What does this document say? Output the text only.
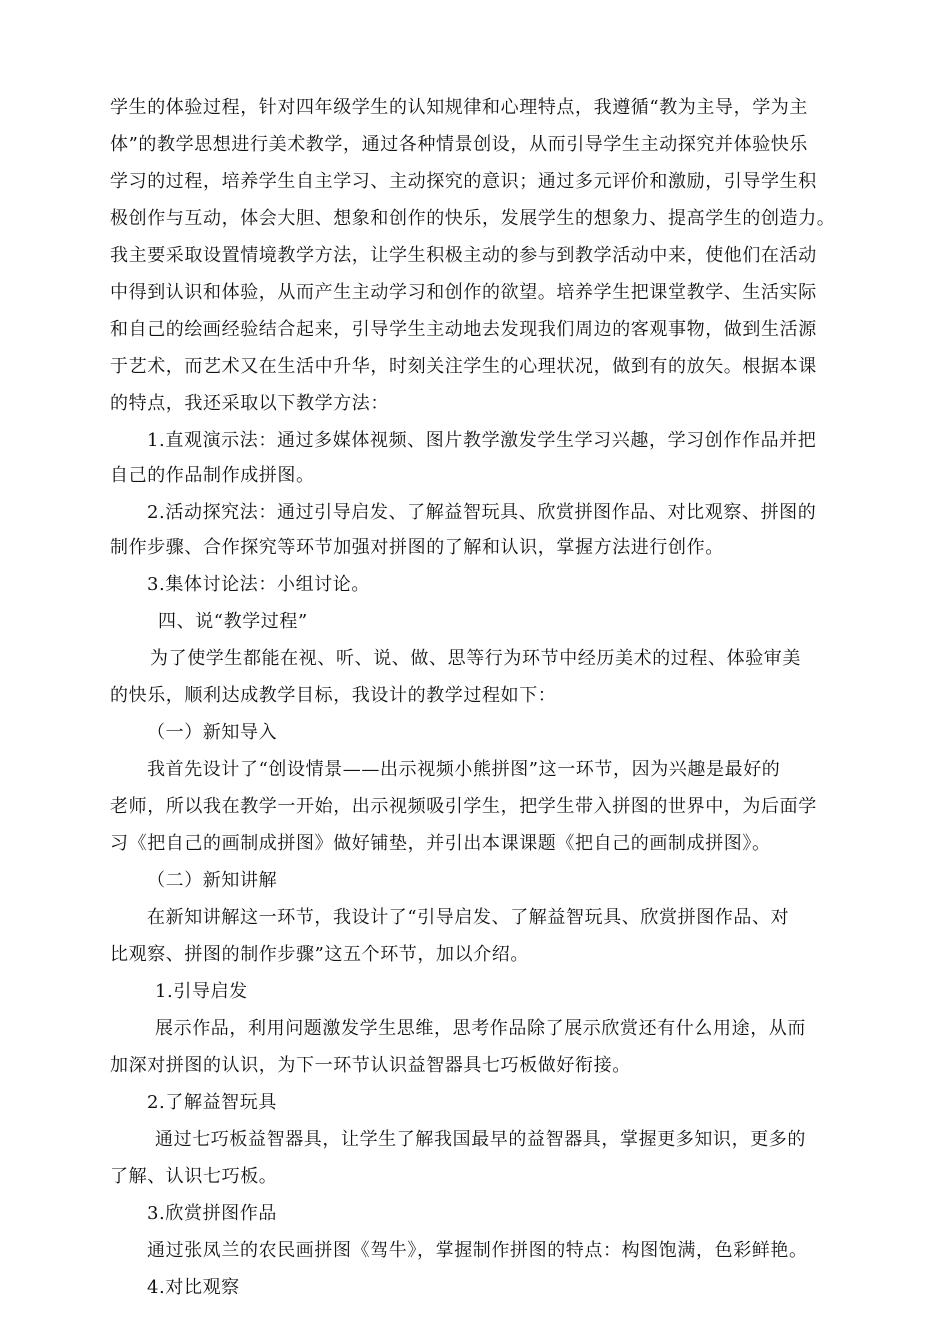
学生的体验过程，针对四年级学生的认知规律和心理特点，我遵循“教为主导，学为主
体”的教学思想进行美术教学，通过各种情景创设，从而引导学生主动探究并体验快乐
学习的过程，培养学生自主学习、主动探究的意识；通过多元评价和激励，引导学生积
极创作与互动，体会大胆、想象和创作的快乐，发展学生的想象力、提高学生的创造力。
我主要采取设置情境教学方法，让学生积极主动的参与到教学活动中来，使他们在活动
中得到认识和体验，从而产生主动学习和创作的欲望。培养学生把课堂教学、生活实际
和自己的绘画经验结合起来，引导学生主动地去发现我们周边的客观事物，做到生活源
于艺术，而艺术又在生活中升华，时刻关注学生的心理状况，做到有的放矢。根据本课
的特点，我还采取以下教学方法：
1.直观演示法：通过多媒体视频、图片教学激发学生学习兴趣，学习创作作品并把
自己的作品制作成拼图。
2.活动探究法：通过引导启发、了解益智玩具、欣赏拼图作品、对比观察、拼图的
制作步骤、合作探究等环节加强对拼图的了解和认识，掌握方法进行创作。
3.集体讨论法：小组讨论。
四、说“教学过程”
为了使学生都能在视、听、说、做、思等行为环节中经历美术的过程、体验审美
的快乐，顺利达成教学目标，我设计的教学过程如下：
（一）新知导入
我首先设计了“创设情景——出示视频小熊拼图”这一环节，因为兴趣是最好的
老师，所以我在教学一开始，出示视频吸引学生，把学生带入拼图的世界中，为后面学
习《把自己的画制成拼图》做好铺垫，并引出本课课题《把自己的画制成拼图》。
（二）新知讲解
在新知讲解这一环节，我设计了“引导启发、了解益智玩具、欣赏拼图作品、对
比观察、拼图的制作步骤”这五个环节，加以介绍。
1.引导启发
展示作品，利用问题激发学生思维，思考作品除了展示欣赏还有什么用途，从而
加深对拼图的认识，为下一环节认识益智器具七巧板做好衔接。
2.了解益智玩具
通过七巧板益智器具，让学生了解我国最早的益智器具，掌握更多知识，更多的
了解、认识七巧板。
3.欣赏拼图作品
通过张凤兰的农民画拼图《驾牛》，掌握制作拼图的特点：构图饱满，色彩鲜艳。
4.对比观察
